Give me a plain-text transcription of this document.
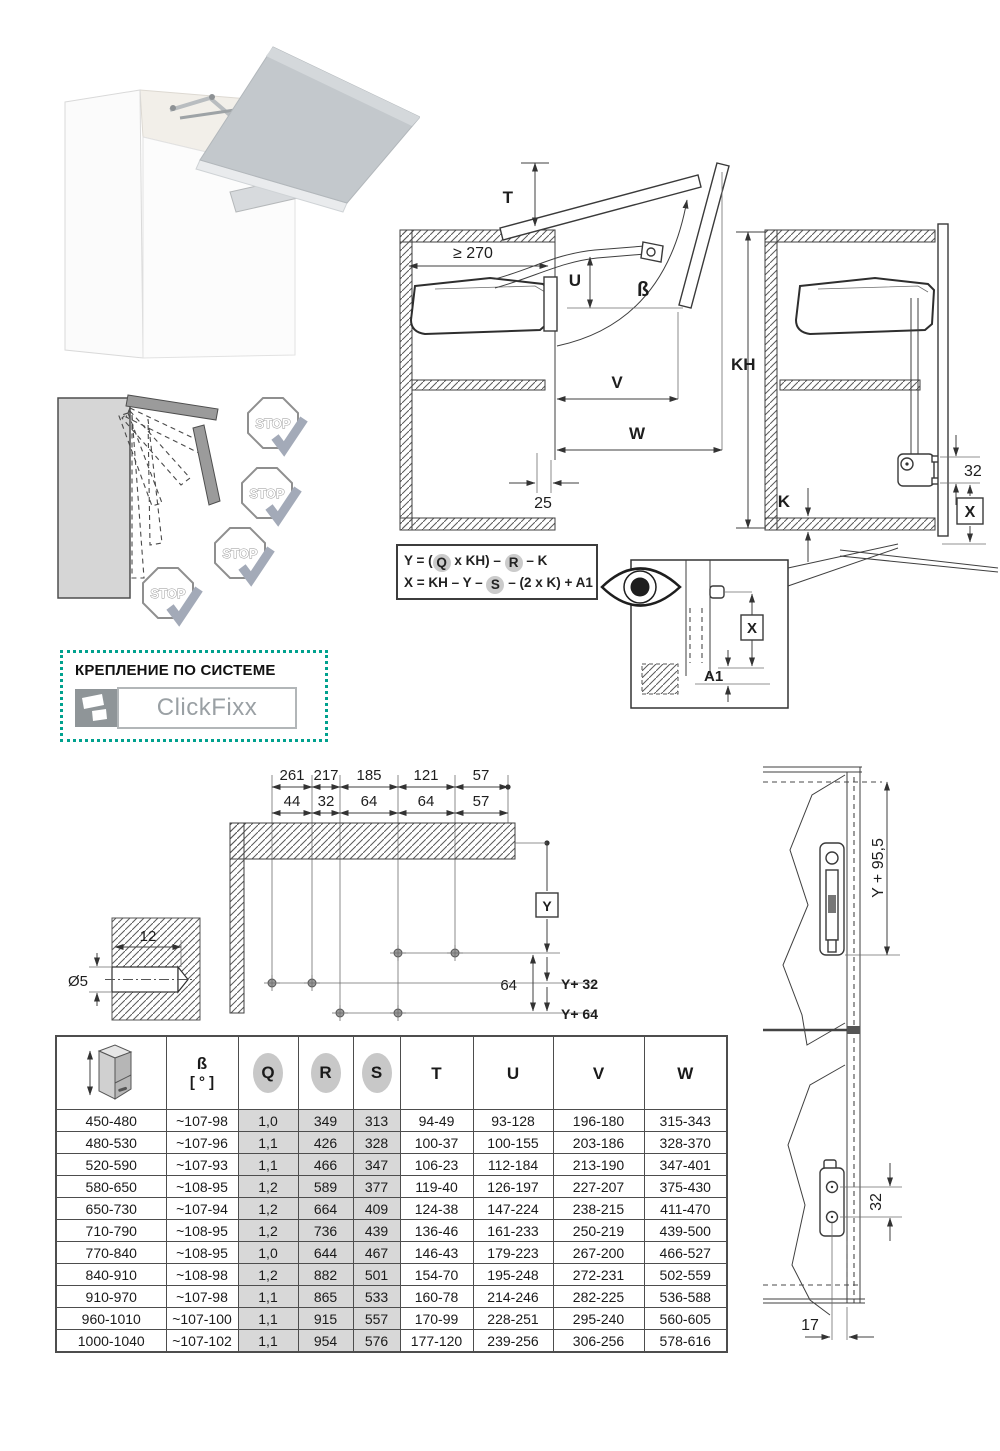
STOP
STOP
STOP
STOP
≥ 270
ß
T
U
V
W
25
KH
32
K
X
Y = ( Q x KH) – R – K
X = KH – Y – S – (2 x K) + A1
X
A1
КРЕПЛЕНИЕ ПО СИСТЕМЕ
ClickFixx
261 217 185 121 57
44 32 64	64	57
Y
64	Y+ 32
Y+ 64
12
Ø5
Y + 95,5
32
17

ß
[ ° ]	Q	R	S	T	U	V	W
450-480	~107-98	1,0	349	313	94-49	93-128	196-180	315-343
480-530	~107-96	1,1	426	328	100-37	100-155	203-186	328-370
520-590	~107-93	1,1	466	347	106-23	112-184	213-190	347-401
580-650	~108-95	1,2	589	377	119-40	126-197	227-207	375-430
650-730	~107-94	1,2	664	409	124-38	147-224	238-215	411-470
710-790	~108-95	1,2	736	439	136-46	161-233	250-219	439-500
770-840	~108-95	1,0	644	467	146-43	179-223	267-200	466-527
840-910	~108-98	1,2	882	501	154-70	195-248	272-231	502-559
910-970	~107-98	1,1	865	533	160-78	214-246	282-225	536-588
960-1010	~107-100	1,1	915	557	170-99	228-251	295-240	560-605
1000-1040	~107-102	1,1	954	576	177-120	239-256	306-256	578-616
